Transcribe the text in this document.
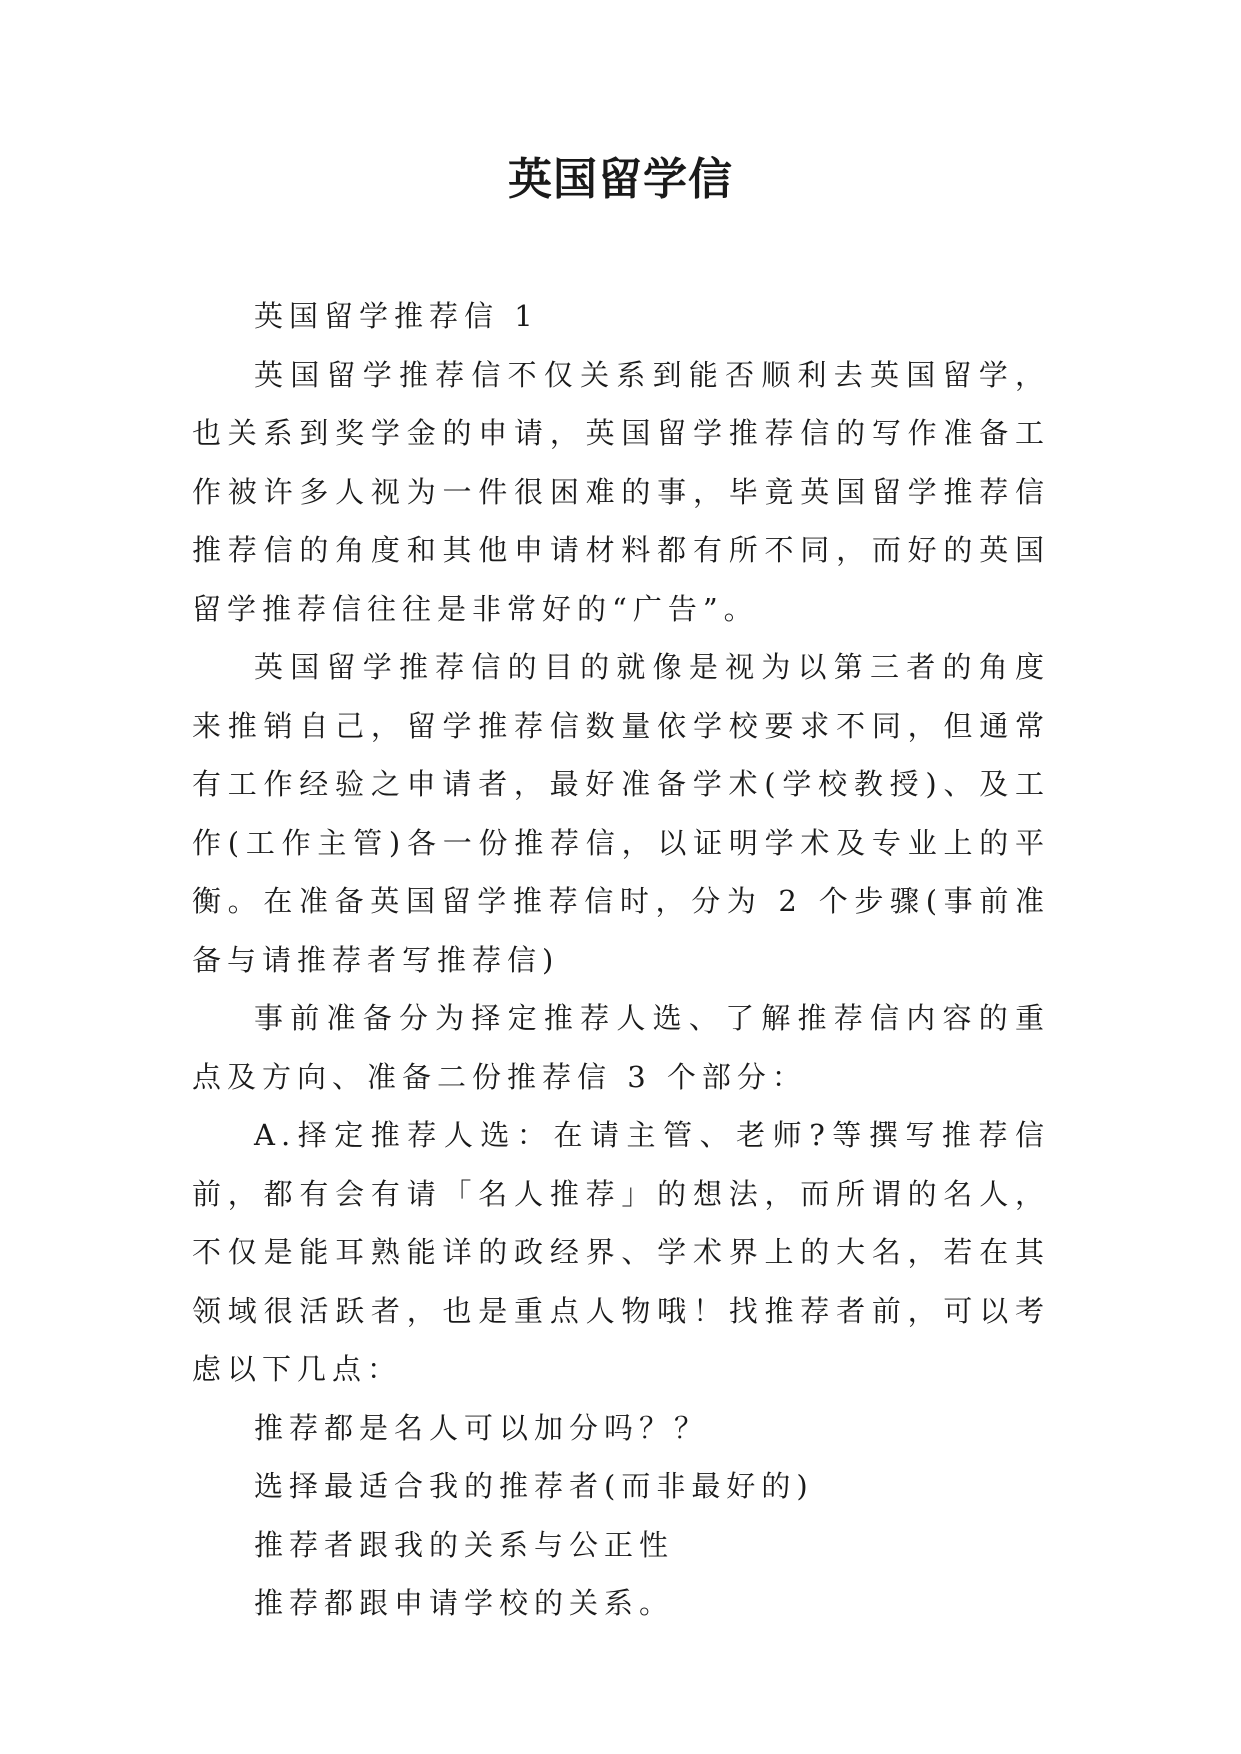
英国留学信

英国留学推荐信 1

英国留学推荐信不仅关系到能否顺利去英国留学，也关系到奖学金的申请，英国留学推荐信的写作准备工作被许多人视为一件很困难的事，毕竟英国留学推荐信推荐信的角度和其他申请材料都有所不同，而好的英国留学推荐信往往是非常好的“广告”。

英国留学推荐信的目的就像是视为以第三者的角度来推销自己，留学推荐信数量依学校要求不同，但通常有工作经验之申请者，最好准备学术(学校教授)、及工作(工作主管)各一份推荐信，以证明学术及专业上的平衡。在准备英国留学推荐信时，分为 2 个步骤(事前准备与请推荐者写推荐信)

事前准备分为择定推荐人选、了解推荐信内容的重点及方向、准备二份推荐信 3 个部分：

A.择定推荐人选：在请主管、老师?等撰写推荐信前，都有会有请「名人推荐」的想法，而所谓的名人，不仅是能耳熟能详的政经界、学术界上的大名，若在其领域很活跃者，也是重点人物哦！找推荐者前，可以考虑以下几点：

推荐都是名人可以加分吗？？

选择最适合我的推荐者(而非最好的)

推荐者跟我的关系与公正性

推荐都跟申请学校的关系。
